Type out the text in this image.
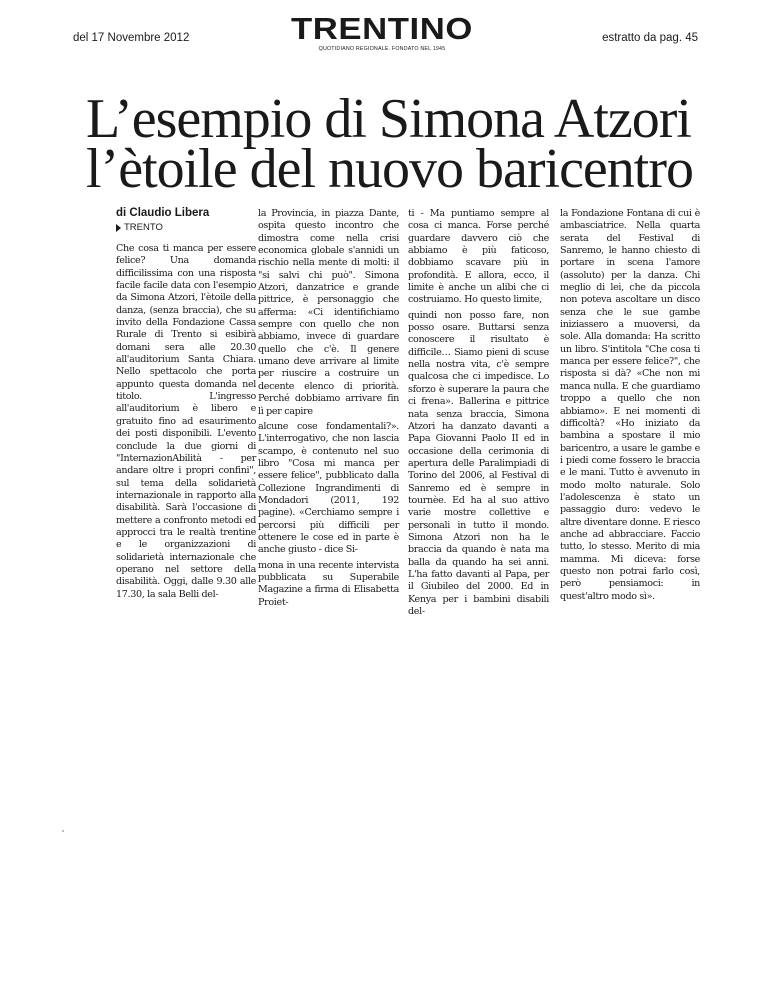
del 17 Novembre 2012	TRENTINO
QUOTIDIANO REGIONALE. FONDATO NEL 1945
estratto da pag. 45
L’esempio di Simona Atzori
l’ètoile del nuovo baricentro
di Claudio Libera
TRENTO

Che cosa ti manca per essere felice? Una domanda difficilissima con una risposta facile facile data con l'esempio da Simona Atzori, l'ètoile della danza, (senza braccia), che su invito della Fondazione Cassa Rurale di Trento si esibirà domani sera alle 20.30 all'auditorium Santa Chiara. Nello spettacolo che porta appunto questa domanda nel titolo. L'ingresso all'auditorium è libero e gratuito fino ad esaurimento dei posti disponibili. L'evento conclude la due giorni di "InternazionAbilità - per andare oltre i propri confini", sul tema della solidarietà internazionale in rapporto alla disabilità. Sarà l'occasione di mettere a confronto metodi ed approcci tra le realtà trentine e le organizzazioni di solidarietà internazionale che operano nel settore della disabilità. Oggi, dalle 9.30 alle 17.30, la sala Belli del-

la Provincia, in piazza Dante, ospita questo incontro che dimostra come nella crisi economica globale s'annidi un rischio nella mente di molti: il "si salvi chi può". Simona Atzori, danzatrice e grande pittrice, è personaggio che afferma: «Ci identifichiamo sempre con quello che non abbiamo, invece di guardare quello che c'è. Il genere umano deve arrivare al limite per riuscire a costruire un decente elenco di priorità. Perché dobbiamo arrivare fin lì per capire

alcune cose fondamentali?». L'interrogativo, che non lascia scampo, è contenuto nel suo libro "Cosa mi manca per essere felice", pubblicato dalla Collezione Ingrandimenti di Mondadori (2011, 192 pagine). «Cerchiamo sempre i percorsi più difficili per ottenere le cose ed in parte è anche giusto - dice Si-

mona in una recente intervista pubblicata su Superabile Magazine a firma di Elisabetta Proiet-

ti - Ma puntiamo sempre al cosa ci manca. Forse perché guardare davvero ciò che abbiamo è più faticoso, dobbiamo scavare più in profondità. E allora, ecco, il limite è anche un alibi che ci costruiamo. Ho questo limite,

quindi non posso fare, non posso osare. Buttarsi senza conoscere il risultato è difficile… Siamo pieni di scuse nella nostra vita, c'è sempre qualcosa che ci impedisce. Lo sforzo è superare la paura che ci frena». Ballerina e pittrice nata senza braccia, Simona Atzori ha danzato davanti a Papa Giovanni Paolo II ed in occasione della cerimonia di apertura delle Paralimpiadi di Torino del 2006, al Festival di Sanremo ed è sempre in tournèe. Ed ha al suo attivo varie mostre collettive e personali in tutto il mondo. Simona Atzori non ha le braccia da quando è nata ma balla da quando ha sei anni. L'ha fatto davanti al Papa, per il Giubileo del 2000. Ed in Kenya per i bambini disabili del-

la Fondazione Fontana di cui è ambasciatrice. Nella quarta serata del Festival di Sanremo, le hanno chiesto di portare in scena l'amore (assoluto) per la danza. Chi meglio di lei, che da piccola non poteva ascoltare un disco senza che le sue gambe iniziassero a muoversi, da sole. Alla domanda: Ha scritto un libro. S'intitola "Che cosa ti manca per essere felice?", che risposta si dà? «Che non mi manca nulla. E che guardiamo troppo a quello che non abbiamo». E nei momenti di difficoltà? «Ho iniziato da bambina a spostare il mio baricentro, a usare le gambe e i piedi come fossero le braccia e le mani. Tutto è avvenuto in modo molto naturale. Solo l'adolescenza è stato un passaggio duro: vedevo le altre diventare donne. E riesco anche ad abbracciare. Faccio tutto, lo stesso. Merito di mia mamma. Mi diceva: forse questo non potrai farlo così, però pensiamoci: in quest'altro modo sì».
